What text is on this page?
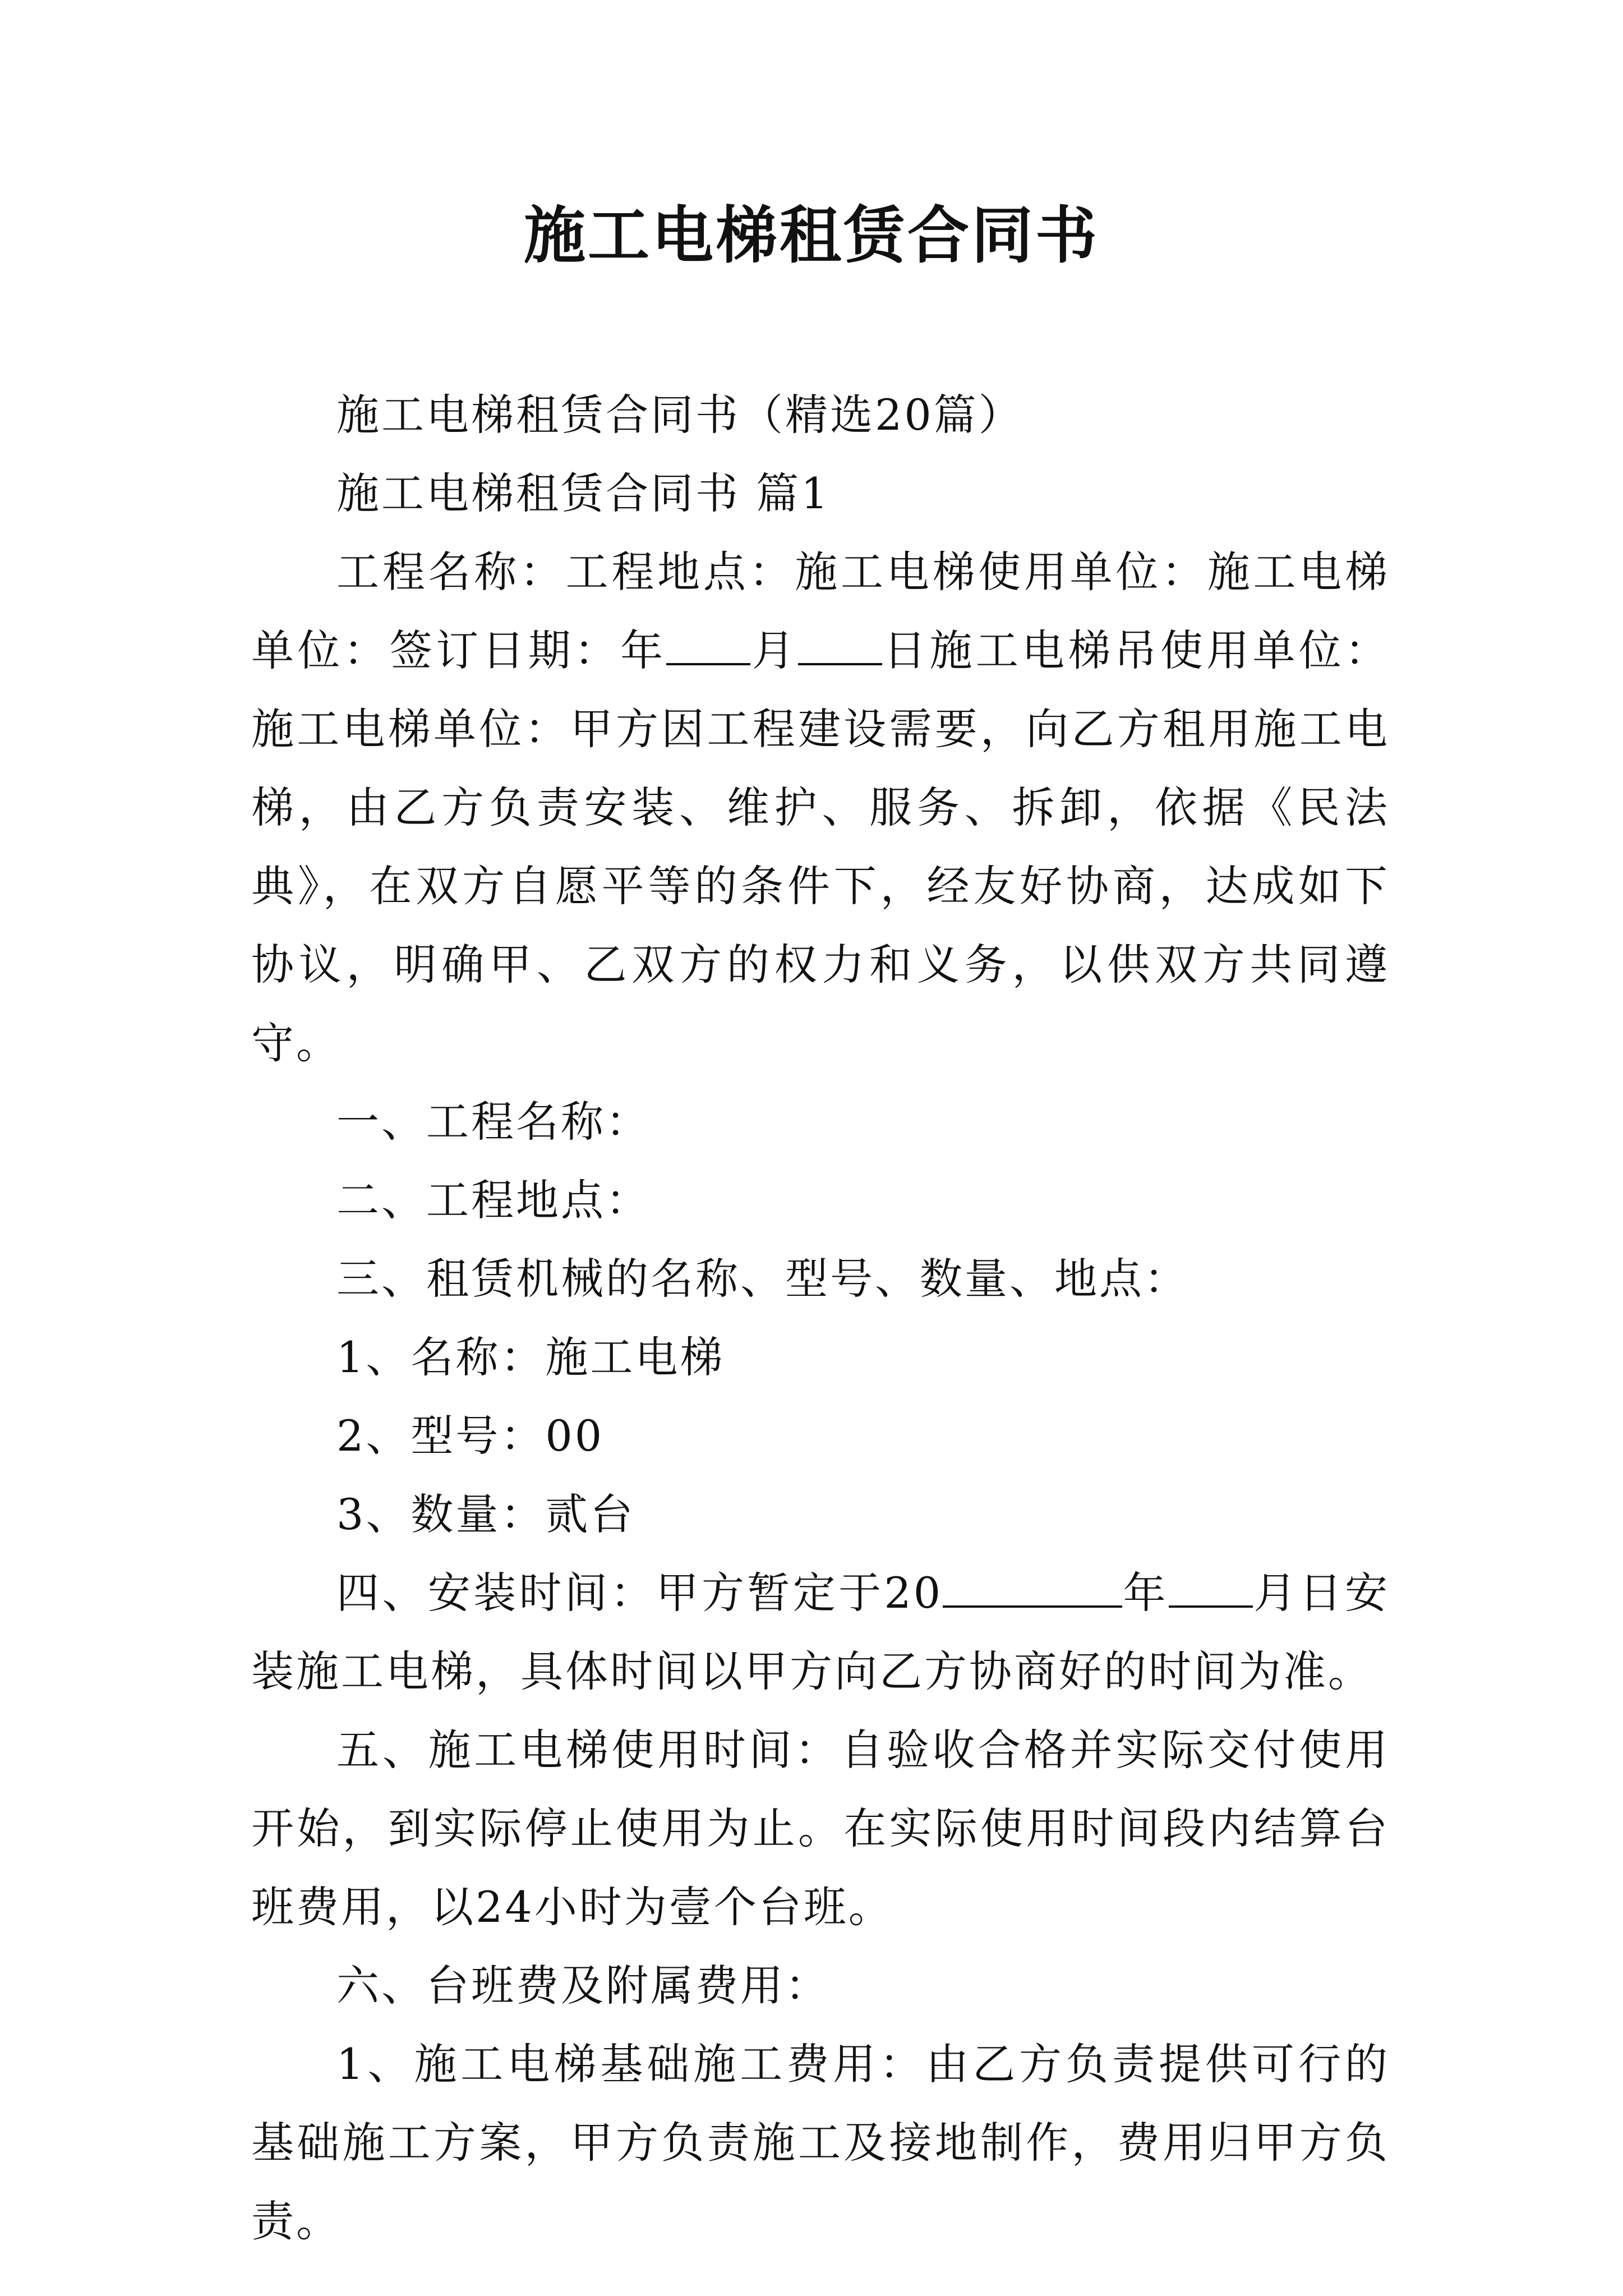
施工电梯租赁合同书

施工电梯租赁合同书（精选20篇）

施工电梯租赁合同书 篇1

工程名称：工程地点：施工电梯使用单位：施工电梯单位：签订日期：年 月 日施工电梯吊使用单位：施工电梯单位：甲方因工程建设需要，向乙方租用施工电梯，由乙方负责安装、维护、服务、拆卸，依据《民法典》，在双方自愿平等的条件下，经友好协商，达成如下协议，明确甲、乙双方的权力和义务，以供双方共同遵守。

一、工程名称：

二、工程地点：

三、租赁机械的名称、型号、数量、地点：

1、名称：施工电梯

2、型号：00

3、数量：贰台

四、安装时间：甲方暂定于20	年 月日安装施工电梯，具体时间以甲方向乙方协商好的时间为准。

五、施工电梯使用时间：自验收合格并实际交付使用开始，到实际停止使用为止。在实际使用时间段内结算台班费用，以24小时为壹个台班。

六、台班费及附属费用：

1、施工电梯基础施工费用：由乙方负责提供可行的基础施工方案，甲方负责施工及接地制作，费用归甲方负责。
